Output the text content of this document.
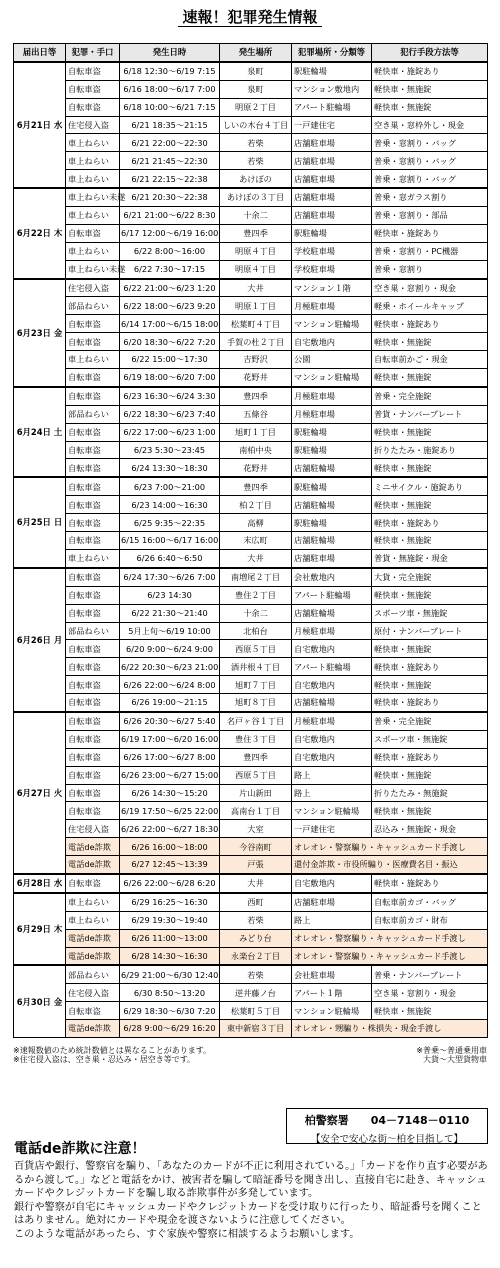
速報！犯罪発生情報
届出日等	犯罪・手口	発生日時	発生場所	犯罪場所・分類等	犯行手段方法等
6月21日 水	自転車盗	6/18 12:30～6/19 7:15	泉町	駅駐輪場	軽快車・施錠あり
	自転車盗	6/16 18:00～6/17 7:00	泉町	マンション敷地内	軽快車・無施錠
	自転車盗	6/18 10:00～6/21 7:15	明原２丁目	アパート駐輪場	軽快車・無施錠
	住宅侵入盗	6/21 18:35～21:15	しいの木台４丁目	一戸建住宅	空き巣・窓枠外し・現金
	車上ねらい	6/21 22:00～22:30	若柴	店舗駐車場	普乗・窓割り・バッグ
	車上ねらい	6/21 21:45～22:30	若柴	店舗駐車場	普乗・窓割り・バッグ
	車上ねらい	6/21 22:15～22:38	あけぼの	店舗駐車場	普乗・窓割り・バッグ
6月22日 木	車上ねらい未遂	6/21 20:30～22:38	あけぼの３丁目	店舗駐車場	普乗・窓ガラス割り
	車上ねらい	6/21 21:00～6/22 8:30	十余二	店舗駐車場	普乗・窓割り・部品
	自転車盗	6/17 12:00～6/19 16:00	豊四季	駅駐輪場	軽快車・施錠あり
	車上ねらい	6/22 8:00～16:00	明原４丁目	学校駐車場	普乗・窓割り・PC機器
	車上ねらい未遂	6/22 7:30～17:15	明原４丁目	学校駐車場	普乗・窓割り
6月23日 金	住宅侵入盗	6/22 21:00～6/23 1:20	大井	マンション１階	空き巣・窓割り・現金
	部品ねらい	6/22 18:00～6/23 9:20	明原１丁目	月極駐車場	軽乗・ホイールキャップ
	自転車盗	6/14 17:00～6/15 18:00	松葉町４丁目	マンション駐輪場	軽快車・施錠あり
	自転車盗	6/20 18:30～6/22 7:20	手賀の杜２丁目	自宅敷地内	軽快車・無施錠
	車上ねらい	6/22 15:00～17:30	吉野沢	公園	自転車前かご・現金
	自転車盗	6/19 18:00～6/20 7:00	花野井	マンション駐輪場	軽快車・無施錠
6月24日 土	自転車盗	6/23 16:30～6/24 3:30	豊四季	月極駐車場	普乗・完全施錠
	部品ねらい	6/22 18:30～6/23 7:40	五條谷	月極駐車場	普貨・ナンバープレート
	自転車盗	6/22 17:00～6/23 1:00	旭町１丁目	駅駐輪場	軽快車・無施錠
	自転車盗	6/23 5:30～23:45	南柏中央	駅駐輪場	折りたたみ・施錠あり
	自転車盗	6/24 13:30～18:30	花野井	店舗駐輪場	軽快車・無施錠
6月25日 日	自転車盗	6/23 7:00～21:00	豊四季	駅駐輪場	ミニサイクル・施錠あり
	自転車盗	6/23 14:00～16:30	柏２丁目	店舗駐輪場	軽快車・無施錠
	自転車盗	6/25 9:35～22:35	高柳	駅駐輪場	軽快車・施錠あり
	自転車盗	6/15 16:00～6/17 16:00	末広町	店舗駐輪場	軽快車・無施錠
	車上ねらい	6/26 6:40～6:50	大井	店舗駐車場	普貨・無施錠・現金
6月26日 月	自転車盗	6/24 17:30～6/26 7:00	南増尾２丁目	会社敷地内	大貨・完全施錠
	自転車盗	6/23 14:30	豊住２丁目	アパート駐輪場	軽快車・無施錠
	自転車盗	6/22 21:30～21:40	十余二	店舗駐輪場	スポーツ車・無施錠
	部品ねらい	5月上旬～6/19 10:00	北柏台	月極駐車場	原付・ナンバープレート
	自転車盗	6/20 9:00～6/24 9:00	西原５丁目	自宅敷地内	軽快車・無施錠
	自転車盗	6/22 20:30～6/23 21:00	酒井根４丁目	アパート駐輪場	軽快車・施錠あり
	自転車盗	6/26 22:00～6/24 8:00	旭町７丁目	自宅敷地内	軽快車・無施錠
	自転車盗	6/26 19:00～21:15	旭町８丁目	店舗駐輪場	軽快車・施錠あり
6月27日 火	自転車盗	6/26 20:30～6/27 5:40	名戸ヶ谷１丁目	月極駐車場	普乗・完全施錠
	自転車盗	6/19 17:00～6/20 16:00	豊住３丁目	自宅敷地内	スポーツ車・無施錠
	自転車盗	6/26 17:00～6/27 8:00	豊四季	自宅敷地内	軽快車・施錠あり
	自転車盗	6/26 23:00～6/27 15:00	西原５丁目	路上	軽快車・無施錠
	自転車盗	6/26 14:30～15:20	片山新田	路上	折りたたみ・無施錠
	自転車盗	6/19 17:50～6/25 22:00	高南台１丁目	マンション駐輪場	軽快車・無施錠
	住宅侵入盗	6/26 22:00～6/27 18:30	大室	一戸建住宅	忍込み・無施錠・現金
	電話de詐欺	6/26 16:00～18:00	今谷南町	オレオレ・警察騙り・キャッシュカード手渡し	
	電話de詐欺	6/27 12:45～13:39	戸張	還付金詐欺・市役所騙り・医療費名目・振込	
6月28日 水	自転車盗	6/26 22:00～6/28 6:20	大井	自宅敷地内	軽快車・施錠あり
6月29日 木	車上ねらい	6/29 16:25～16:30	西町	店舗駐車場	自転車前カゴ・バッグ
	車上ねらい	6/29 19:30～19:40	若柴	路上	自転車前カゴ・財布
	電話de詐欺	6/26 11:00～13:00	みどり台	オレオレ・警察騙り・キャッシュカード手渡し	
	電話de詐欺	6/28 14:30～16:30	永楽台２丁目	オレオレ・警察騙り・キャッシュカード手渡し	
6月30日 金	部品ねらい	6/29 21:00～6/30 12:40	若柴	会社駐車場	普乗・ナンバープレート
	住宅侵入盗	6/30 8:50～13:20	逆井藤ノ台	アパート１階	空き巣・窓割り・現金
	自転車盗	6/29 18:30～6/30 7:20	松葉町５丁目	マンション駐輪場	軽快車・無施錠
	電話de詐欺	6/28 9:00～6/29 16:20	東中新宿３丁目	オレオレ・甥騙り・株損失・現金手渡し	
※速報数値のため統計数値とは異なることがあります。
※住宅侵入盗は、空き巣・忍込み・居空き等です。
※普乗～普通乗用車
大貨～大型貨物車
柏警察署　　04－7148－0110
【安全で安心な街～柏を目指して】
電話de詐欺に注意！
百貨店や銀行、警察官を騙り、「あなたのカードが不正に利用されている。」「カードを作り直す必要があるから渡して。」などと電話をかけ、被害者を騙して暗証番号を聞き出し、直接自宅に赴き、キャッシュカードやクレジットカードを騙し取る詐欺事件が多発しています。
銀行や警察が自宅にキャッシュカードやクレジットカードを受け取りに行ったり、暗証番号を聞くことはありません。絶対にカードや現金を渡さないように注意してください。
このような電話があったら、すぐ家族や警察に相談するようお願いします。
